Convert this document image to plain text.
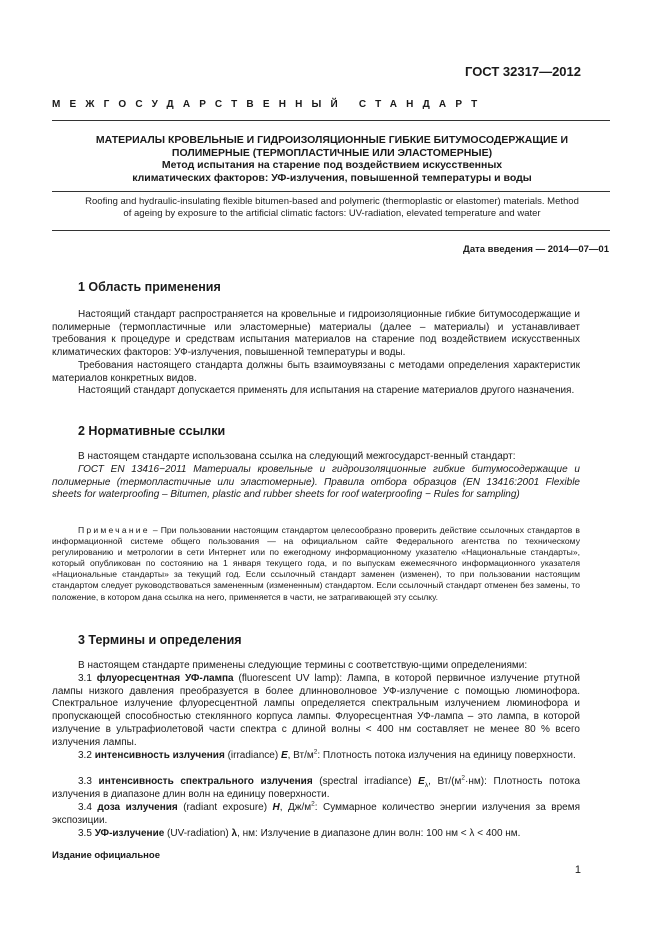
ГОСТ 32317—2012
МЕЖГОСУДАРСТВЕННЫЙ СТАНДАРТ
МАТЕРИАЛЫ КРОВЕЛЬНЫЕ И ГИДРОИЗОЛЯЦИОННЫЕ ГИБКИЕ БИТУМОСОДЕРЖАЩИЕ И
ПОЛИМЕРНЫЕ (ТЕРМОПЛАСТИЧНЫЕ ИЛИ ЭЛАСТОМЕРНЫЕ)
Метод испытания на старение под воздействием искусственных
климатических факторов: УФ-излучения, повышенной температуры и воды
Roofing and hydraulic-insulating flexible bitumen-based and polymeric (thermoplastic or elastomer) materials. Method
of ageing by exposure to the artificial climatic factors: UV-radiation, elevated temperature and water
Дата введения — 2014—07—01
1 Область применения

Настоящий стандарт распространяется на кровельные и гидроизоляционные гибкие битумосодержащие и полимерные (термопластичные или эластомерные) материалы (далее – материалы) и устанавливает требования к процедуре и средствам испытания материалов на старение под воздействием искусственных климатических факторов: УФ-излучения, повышенной температуры и воды.

Требования настоящего стандарта должны быть взаимоувязаны с методами определения характеристик материалов конкретных видов.

Настоящий стандарт допускается применять для испытания на старение материалов другого назначения.

2 Нормативные ссылки

В настоящем стандарте использована ссылка на следующий межгосударст-венный стандарт:

ГОСТ EN 13416−2011 Материалы кровельные и гидроизоляционные гибкие битумосодержащие и полимерные (термопластичные или эластомерные). Правила отбора образцов (EN 13416:2001 Flexible sheets for waterproofing – Bitumen, plastic and rubber sheets for roof waterproofing − Rules for sampling)

Примечание – При пользовании настоящим стандартом целесообразно проверить действие ссылочных стандартов в информационной системе общего пользования — на официальном сайте Федерального агентства по техническому регулированию и метрологии в сети Интернет или по ежегодному информационному указателю «Национальные стандарты», который опубликован по состоянию на 1 января текущего года, и по выпускам ежемесячного информационного указателя «Национальные стандарты» за текущий год. Если ссылочный стандарт заменен (изменен), то при пользовании настоящим стандартом следует руководствоваться замененным (измененным) стандартом. Если ссылочный стандарт отменен без замены, то положение, в котором дана ссылка на него, применяется в части, не затрагивающей эту ссылку.

3 Термины и определения

В настоящем стандарте применены следующие термины с соответствую-щими определениями:

3.1 флуоресцентная УФ-лампа (fluorescent UV lamp): Лампа, в которой первичное излучение ртутной лампы низкого давления преобразуется в более длинноволновое УФ-излучение с помощью люминофора. Спектральное излучение флуоресцентной лампы определяется спектральным излучением люминофора и пропускающей способностью стеклянного корпуса лампы. Флуоресцентная УФ-лампа – это лампа, в которой излучение в ультрафиолетовой части спектра с длиной волны < 400 нм составляет не менее 80 % всего излучения лампы.

3.2 интенсивность излучения (irradiance) E, $Вт/м^2$: Плотность потока излучения на единицу поверхности.

3.3 интенсивность спектрального излучения (spectral irradiance) $E_\lambda$, $Вт/(м^2\cdot нм)$: Плотность потока излучения в диапазоне длин волн на единицу поверхности.

3.4 доза излучения (radiant exposure) H, $Дж/м^2$: Суммарное количество энергии излучения за время экспозиции.

3.5 УФ-излучение (UV-radiation) λ, нм: Излучение в диапазоне длин волн: 100 нм < λ < 400 нм.

Издание официальное
1
